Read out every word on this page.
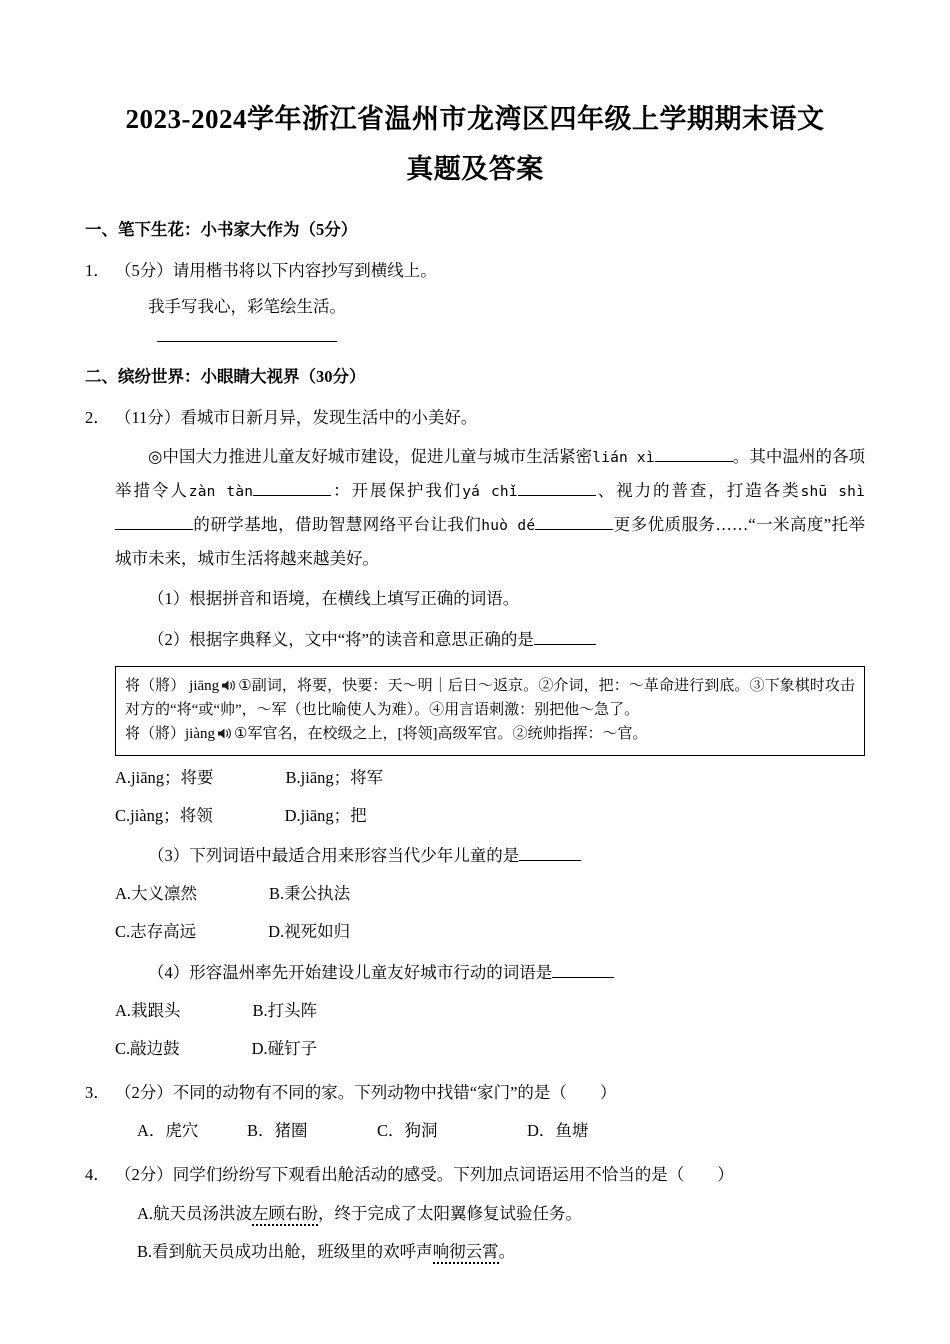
2023-2024学年浙江省温州市龙湾区四年级上学期期末语文
真题及答案
一、笔下生花：小书家大作为（5分）
1． （5分）请用楷书将以下内容抄写到横线上。
我手写我心，彩笔绘生活。
二、缤纷世界：小眼睛大视界（30分）
2． （11分）看城市日新月异，发现生活中的小美好。
◎中国大力推进儿童友好城市建设，促进儿童与城市生活紧密lián xì	。其中温州的各项举措令人zàn tàn	：开展保护我们yá chǐ	、视力的普查，打造各类shū shì的研学基地，借助智慧网络平台让我们huò dé	更多优质服务……“一米高度”托举城市未来，城市生活将越来越美好。
（1）根据拼音和语境，在横线上填写正确的词语。
（2）根据字典释义，文中“将”的读音和意思正确的是

将（將） jiāng ①副词，将要，快要：天～明｜后日～返京。②介词，把：～革命进行到底。③下象棋时攻击对方的“将“或“帅”，～军（也比喻使人为难）。④用言语刺激：别把他～急了。

将（將）jiàng ①军官名，在校级之上，[将领]高级军官。②统帅指挥：～官。

A.jiāng；将要	B.jiāng；将军
C.jiàng；将领	D.jiāng；把
（3）下列词语中最适合用来形容当代少年儿童的是
A.大义凛然	B.秉公执法
C.志存高远	D.视死如归
（4）形容温州率先开始建设儿童友好城市行动的词语是
A.栽跟头	B.打头阵
C.敲边鼓	D.碰钉子
3． （2分）不同的动物有不同的家。下列动物中找错“家门”的是（　　）
A．虎穴	B．猪圈	C．狗洞	D．鱼塘
4． （2分）同学们纷纷写下观看出舱活动的感受。下列加点词语运用不恰当的是（　　）
A.航天员汤洪波左顾右盼，终于完成了太阳翼修复试验任务。
B.看到航天员成功出舱，班级里的欢呼声响彻云霄。
